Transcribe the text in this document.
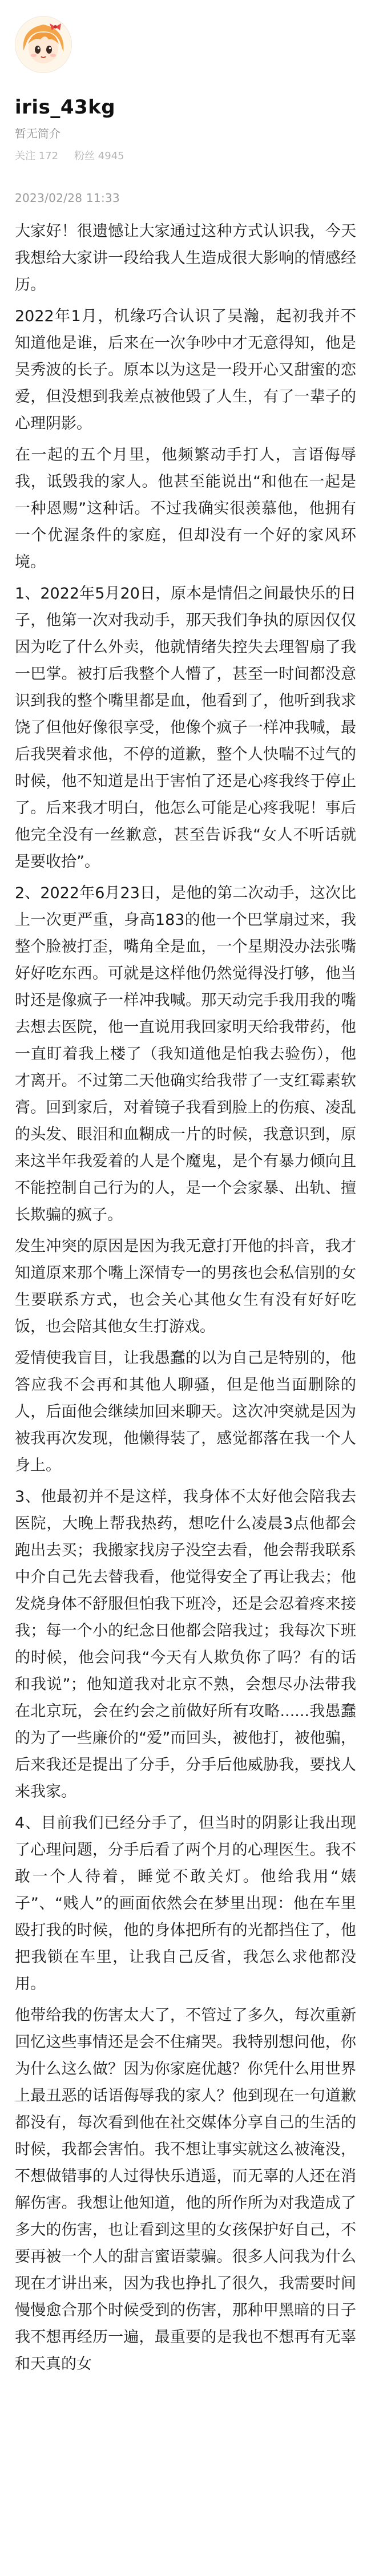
iris_43kg
暂无简介
关注 172 粉丝 4945
2023/02/28 11:33

大家好！很遗憾让大家通过这种方式认识我，今天我想给大家讲一段给我人生造成很大影响的情感经历。

2022年1月，机缘巧合认识了吴瀚，起初我并不知道他是谁，后来在一次争吵中才无意得知，他是吴秀波的长子。原本以为这是一段开心又甜蜜的恋爱，但没想到我差点被他毁了人生，有了一辈子的心理阴影。

在一起的五个月里，他频繁动手打人，言语侮辱我，诋毁我的家人。他甚至能说出“和他在一起是一种恩赐”这种话。不过我确实很羡慕他，他拥有一个优渥条件的家庭，但却没有一个好的家风环境。

1、2022年5月20日，原本是情侣之间最快乐的日子，他第一次对我动手，那天我们争执的原因仅仅因为吃了什么外卖，他就情绪失控失去理智扇了我一巴掌。被打后我整个人懵了，甚至一时间都没意识到我的整个嘴里都是血，他看到了，他听到我求饶了但他好像很享受，他像个疯子一样冲我喊，最后我哭着求他，不停的道歉，整个人快喘不过气的时候，他不知道是出于害怕了还是心疼我终于停止了。后来我才明白，他怎么可能是心疼我呢！事后他完全没有一丝歉意，甚至告诉我“女人不听话就是要收拾”。

2、2022年6月23日，是他的第二次动手，这次比上一次更严重，身高183的他一个巴掌扇过来，我整个脸被打歪，嘴角全是血，一个星期没办法张嘴好好吃东西。可就是这样他仍然觉得没打够，他当时还是像疯子一样冲我喊。那天动完手我用我的嘴去想去医院，他一直说用我回家明天给我带药，他一直盯着我上楼了（我知道他是怕我去验伤），他才离开。不过第二天他确实给我带了一支红霉素软膏。回到家后，对着镜子我看到脸上的伤痕、凌乱的头发、眼泪和血糊成一片的时候，我意识到，原来这半年我爱着的人是个魔鬼，是个有暴力倾向且不能控制自己行为的人，是一个会家暴、出轨、擅长欺骗的疯子。

发生冲突的原因是因为我无意打开他的抖音，我才知道原来那个嘴上深情专一的男孩也会私信别的女生要联系方式，也会关心其他女生有没有好好吃饭，也会陪其他女生打游戏。

爱情使我盲目，让我愚蠢的以为自己是特别的，他答应我不会再和其他人聊骚，但是他当面删除的人，后面他会继续加回来聊天。这次冲突就是因为被我再次发现，他懒得装了，感觉都落在我一个人身上。

3、他最初并不是这样，我身体不太好他会陪我去医院，大晚上帮我热药，想吃什么凌晨3点他都会跑出去买；我搬家找房子没空去看，他会帮我联系中介自己先去替我看，他觉得安全了再让我去；他发烧身体不舒服但怕我下班冷，还是会忍着疼来接我；每一个小的纪念日他都会陪我过；我每次下班的时候，他会问我“今天有人欺负你了吗？有的话和我说”；他知道我对北京不熟，会想尽办法带我在北京玩，会在约会之前做好所有攻略......我愚蠢的为了一些廉价的“爱”而回头，被他打，被他骗，后来我还是提出了分手，分手后他威胁我，要找人来我家。

4、目前我们已经分手了，但当时的阴影让我出现了心理问题，分手后看了两个月的心理医生。我不敢一个人待着，睡觉不敢关灯。他给我用“婊子”、“贱人”的画面依然会在梦里出现：他在车里殴打我的时候，他的身体把所有的光都挡住了，他把我锁在车里，让我自己反省，我怎么求他都没用。

他带给我的伤害太大了，不管过了多久，每次重新回忆这些事情还是会不住痛哭。我特别想问他，你为什么这么做？因为你家庭优越？你凭什么用世界上最丑恶的话语侮辱我的家人？他到现在一句道歉都没有，每次看到他在社交媒体分享自己的生活的时候，我都会害怕。我不想让事实就这么被淹没，不想做错事的人过得快乐逍遥，而无辜的人还在消解伤害。我想让他知道，他的所作所为对我造成了多大的伤害，也让看到这里的女孩保护好自己，不要再被一个人的甜言蜜语蒙骗。很多人问我为什么现在才讲出来，因为我也挣扎了很久，我需要时间慢慢愈合那个时候受到的伤害，那种甲黑暗的日子我不想再经历一遍，最重要的是我也不想再有无辜和天真的女
